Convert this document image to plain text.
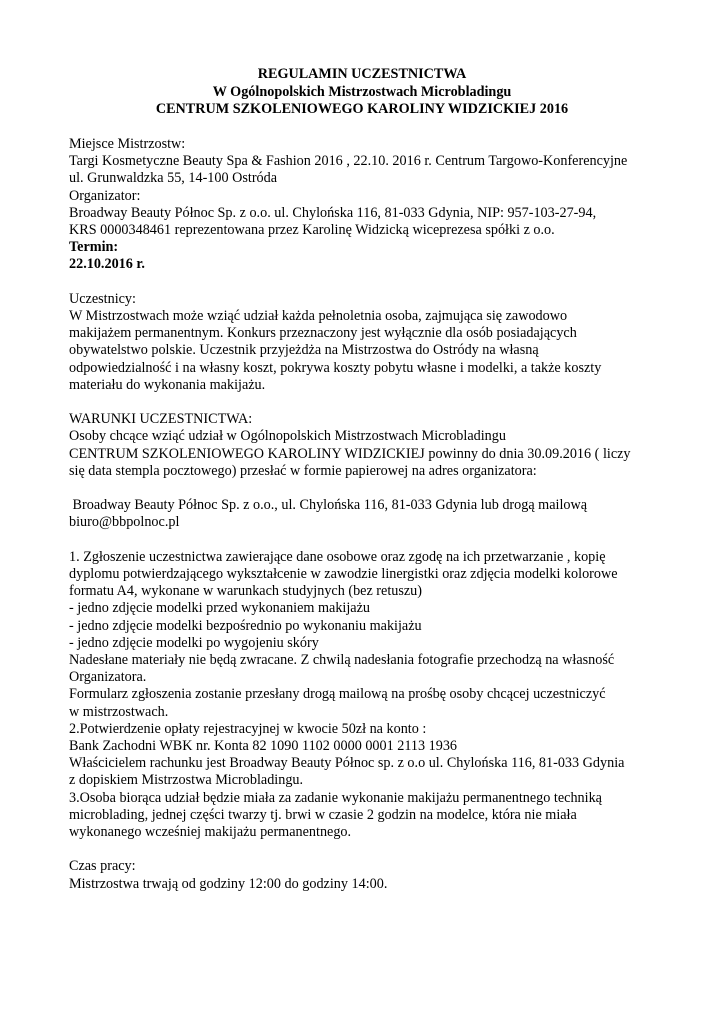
REGULAMIN UCZESTNICTWA
W Ogólnopolskich Mistrzostwach Microbladingu
CENTRUM SZKOLENIOWEGO KAROLINY WIDZICKIEJ 2016
Miejsce Mistrzostw:
Targi Kosmetyczne Beauty Spa & Fashion 2016 , 22.10. 2016 r. Centrum Targowo-Konferencyjne
ul. Grunwaldzka 55, 14-100 Ostróda
Organizator:
Broadway Beauty Północ Sp. z o.o. ul. Chylońska 116, 81-033 Gdynia, NIP: 957-103-27-94,
KRS 0000348461 reprezentowana przez Karolinę Widzicką wiceprezesa spółki z o.o.
Termin:
22.10.2016 r.
Uczestnicy:
W Mistrzostwach może wziąć udział każda pełnoletnia osoba, zajmująca się zawodowo
makijażem permanentnym. Konkurs przeznaczony jest wyłącznie dla osób posiadających
obywatelstwo polskie. Uczestnik przyjeżdża na Mistrzostwa do Ostródy na własną
odpowiedzialność i na własny koszt, pokrywa koszty pobytu własne i modelki, a także koszty
materiału do wykonania makijażu.
WARUNKI UCZESTNICTWA:
Osoby chcące wziąć udział w Ogólnopolskich Mistrzostwach Microbladingu
CENTRUM SZKOLENIOWEGO KAROLINY WIDZICKIEJ powinny do dnia 30.09.2016 ( liczy
się data stempla pocztowego) przesłać w formie papierowej na adres organizatora:
Broadway Beauty Północ Sp. z o.o., ul. Chylońska 116, 81-033 Gdynia lub drogą mailową
biuro@bbpolnoc.pl
1. Zgłoszenie uczestnictwa zawierające dane osobowe oraz zgodę na ich przetwarzanie , kopię
dyplomu potwierdzającego wykształcenie w zawodzie linergistki oraz zdjęcia modelki kolorowe
formatu A4, wykonane w warunkach studyjnych (bez retuszu)
- jedno zdjęcie modelki przed wykonaniem makijażu
- jedno zdjęcie modelki bezpośrednio po wykonaniu makijażu
- jedno zdjęcie modelki po wygojeniu skóry
Nadesłane materiały nie będą zwracane. Z chwilą nadesłania fotografie przechodzą na własność
Organizatora.
Formularz zgłoszenia zostanie przesłany drogą mailową na prośbę osoby chcącej uczestniczyć
w mistrzostwach.
2.Potwierdzenie opłaty rejestracyjnej w kwocie 50zł na konto :
Bank Zachodni WBK nr. Konta 82 1090 1102 0000 0001 2113 1936
Właścicielem rachunku jest Broadway Beauty Północ sp. z o.o ul. Chylońska 116, 81-033 Gdynia
z dopiskiem Mistrzostwa Microbladingu.
3.Osoba biorąca udział będzie miała za zadanie wykonanie makijażu permanentnego techniką
microblading, jednej części twarzy tj. brwi w czasie 2 godzin na modelce, która nie miała
wykonanego wcześniej makijażu permanentnego.
Czas pracy:
Mistrzostwa trwają od godziny 12:00 do godziny 14:00.
